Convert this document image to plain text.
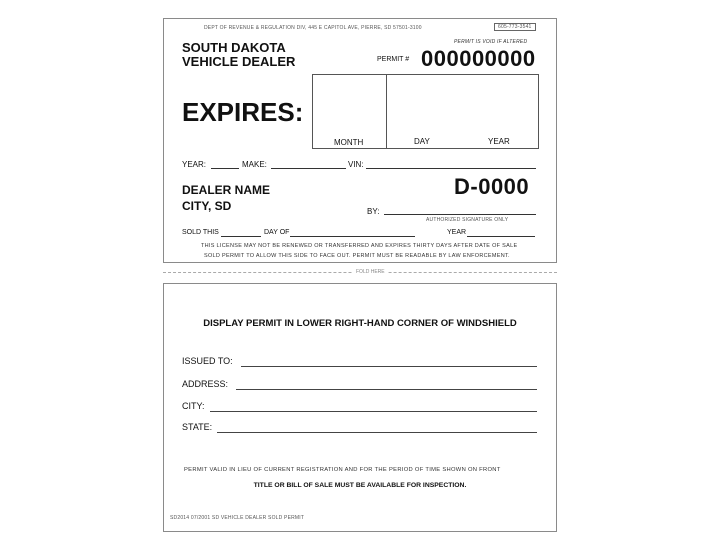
DEPT OF REVENUE & REGULATION DIV, 445 E CAPITOL AVE, PIERRE, SD 57501-3100	605-773-3541
SOUTH DAKOTA
VEHICLE DEALER
PERMIT IS VOID IF ALTERED
PERMIT # 000000000
EXPIRES:
MONTH	DAY	YEAR
YEAR:	MAKE:	VIN:
DEALER NAME
CITY, SD
D-0000
BY:
AUTHORIZED SIGNATURE ONLY
SOLD THIS	DAY OF	YEAR
THIS LICENSE MAY NOT BE RENEWED OR TRANSFERRED AND EXPIRES THIRTY DAYS AFTER DATE OF SALE
SOLD PERMIT TO ALLOW THIS SIDE TO FACE OUT. PERMIT MUST BE READABLE BY LAW ENFORCEMENT.
FOLD HERE
DISPLAY PERMIT IN LOWER RIGHT-HAND CORNER OF WINDSHIELD
ISSUED TO:
ADDRESS:
CITY:
STATE:
PERMIT VALID IN LIEU OF CURRENT REGISTRATION AND FOR THE PERIOD OF TIME SHOWN ON FRONT
TITLE OR BILL OF SALE MUST BE AVAILABLE FOR INSPECTION.
SD2014 07/2001 SD VEHICLE DEALER SOLD PERMIT
